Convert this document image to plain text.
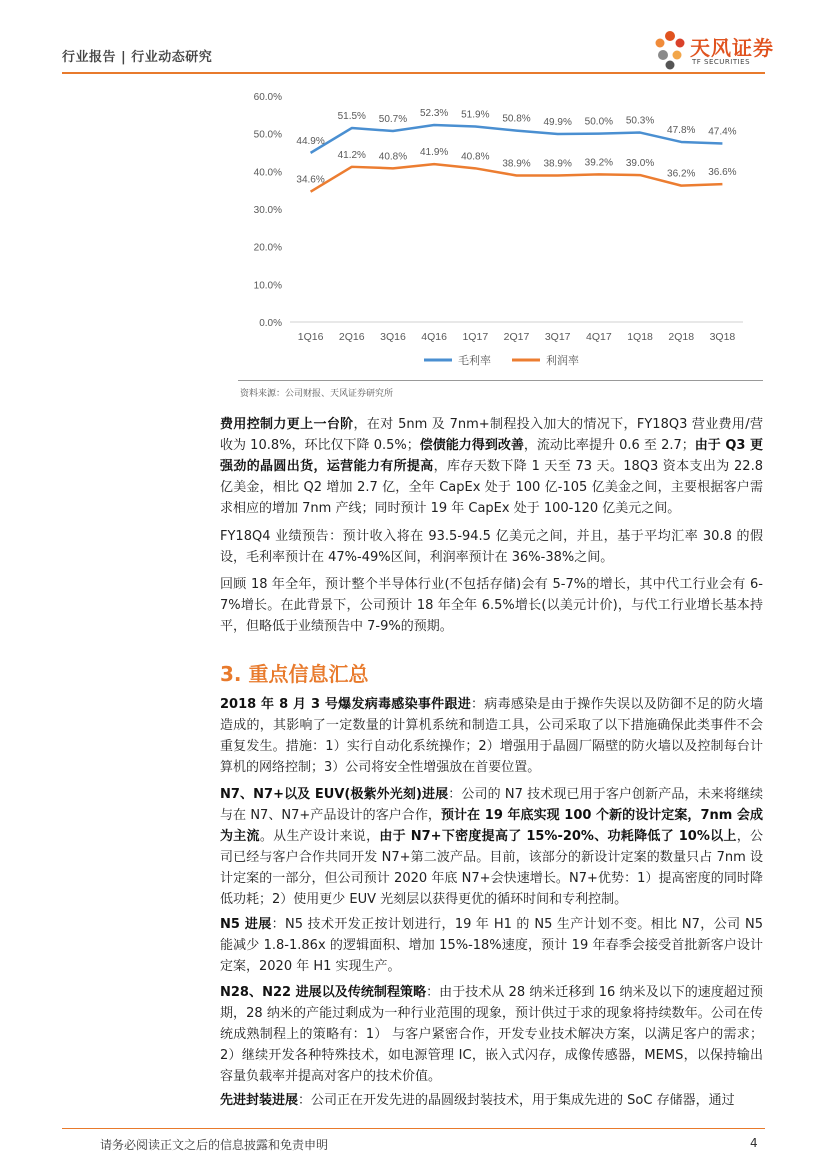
行业报告 | 行业动态研究	天风证券
TF SECURITIES
0.0%
10.0%
20.0%
30.0%
40.0%
50.0%
60.0%
1Q16 2Q16 3Q16 4Q16 1Q17 2Q17 3Q17 4Q17 1Q18 2Q18 3Q18
44.9%
51.5% 50.7%
52.3% 51.9% 50.8% 49.9% 50.0% 50.3%
47.8% 47.4%
34.6%
41.2% 40.8% 41.9% 40.8%
38.9% 38.9% 39.2% 39.0%
36.2% 36.6%
毛利率	利润率
资料来源：公司财报、天风证券研究所

费用控制力更上一台阶，在对 5nm 及 7nm+制程投入加大的情况下，FY18Q3 营业费用/营收为 10.8%，环比仅下降 0.5%；偿债能力得到改善，流动比率提升 0.6 至 2.7；由于 Q3 更强劲的晶圆出货，运营能力有所提高，库存天数下降 1 天至 73 天。18Q3 资本支出为 22.8 亿美金，相比 Q2 增加 2.7 亿，全年 CapEx 处于 100 亿-105 亿美金之间，主要根据客户需求相应的增加 7nm 产线；同时预计 19 年 CapEx 处于 100-120 亿美元之间。

FY18Q4 业绩预告：预计收入将在 93.5-94.5 亿美元之间，并且，基于平均汇率 30.8 的假设，毛利率预计在 47%-49%区间，利润率预计在 36%-38%之间。

回顾 18 年全年，预计整个半导体行业(不包括存储)会有 5-7%的增长，其中代工行业会有 6-7%增长。在此背景下，公司预计 18 年全年 6.5%增长(以美元计价)，与代工行业增长基本持平，但略低于业绩预告中 7-9%的预期。

3. 重点信息汇总

2018 年 8 月 3 号爆发病毒感染事件跟进：病毒感染是由于操作失误以及防御不足的防火墙造成的，其影响了一定数量的计算机系统和制造工具，公司采取了以下措施确保此类事件不会重复发生。措施：1）实行自动化系统操作；2）增强用于晶圆厂隔壁的防火墙以及控制每台计算机的网络控制；3）公司将安全性增强放在首要位置。

N7、N7+以及 EUV(极紫外光刻)进展：公司的 N7 技术现已用于客户创新产品，未来将继续与在 N7、N7+产品设计的客户合作，预计在 19 年底实现 100 个新的设计定案，7nm 会成为主流。从生产设计来说，由于 N7+下密度提高了 15%-20%、功耗降低了 10%以上，公司已经与客户合作共同开发 N7+第二波产品。目前，该部分的新设计定案的数量只占 7nm 设计定案的一部分，但公司预计 2020 年底 N7+会快速增长。N7+优势：1）提高密度的同时降低功耗；2）使用更少 EUV 光刻层以获得更优的循环时间和专利控制。

N5 进展：N5 技术开发正按计划进行，19 年 H1 的 N5 生产计划不变。相比 N7，公司 N5 能减少 1.8-1.86x 的逻辑面积、增加 15%-18%速度，预计 19 年春季会接受首批新客户设计定案，2020 年 H1 实现生产。

N28、N22 进展以及传统制程策略：由于技术从 28 纳米迁移到 16 纳米及以下的速度超过预期，28 纳米的产能过剩成为一种行业范围的现象，预计供过于求的现象将持续数年。公司在传统成熟制程上的策略有：1） 与客户紧密合作，开发专业技术解决方案，以满足客户的需求；2）继续开发各种特殊技术，如电源管理 IC，嵌入式闪存，成像传感器，MEMS，以保持输出容量负载率并提高对客户的技术价值。

先进封装进展：公司正在开发先进的晶圆级封装技术，用于集成先进的 SoC 存储器，通过

请务必阅读正文之后的信息披露和免责申明	4
